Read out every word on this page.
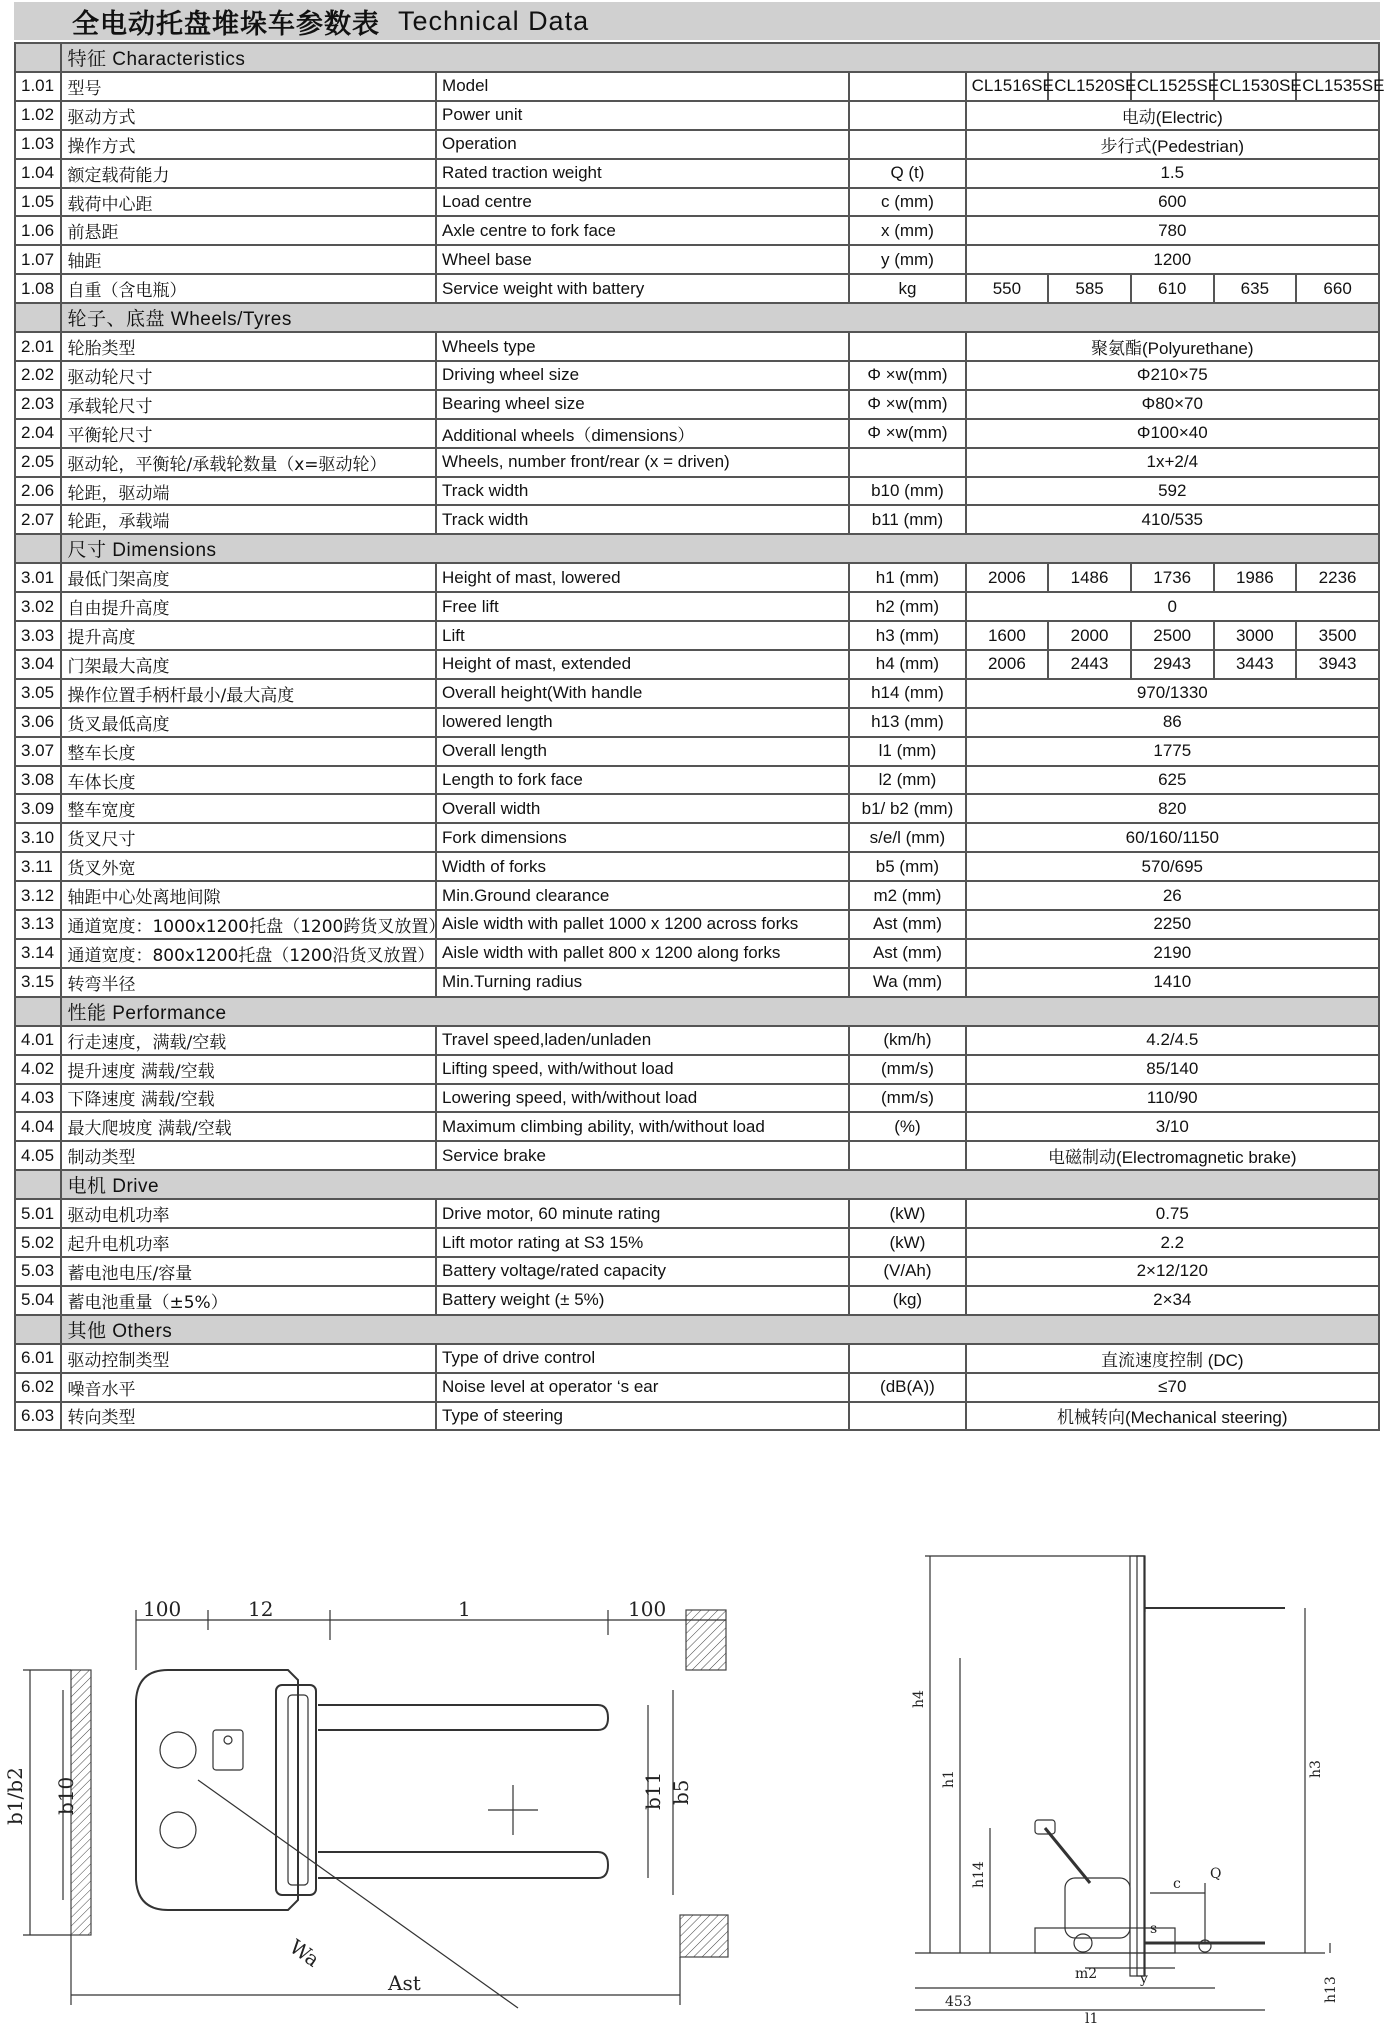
全电动托盘堆垛车参数表 Technical Data
	特征 Characteristics							
1.01	型号	Model		CL1516SE	CL1520SE	CL1525SE	CL1530SE	CL1535SE
1.02	驱动方式	Power unit		电动(Electric)				
1.03	操作方式	Operation		步行式(Pedestrian)				
1.04	额定载荷能力	Rated traction weight	Q (t)	1.5				
1.05	载荷中心距	Load centre	c (mm)	600				
1.06	前悬距	Axle centre to fork face	x (mm)	780				
1.07	轴距	Wheel base	y (mm)	1200				
1.08	自重（含电瓶）	Service weight with battery	kg	550	585	610	635	660
	轮子、底盘 Wheels/Tyres							
2.01	轮胎类型	Wheels type		聚氨酯(Polyurethane)				
2.02	驱动轮尺寸	Driving wheel size	Φ ×w(mm)	Φ210×75				
2.03	承载轮尺寸	Bearing wheel size	Φ ×w(mm)	Φ80×70				
2.04	平衡轮尺寸	Additional wheels（dimensions）	Φ ×w(mm)	Φ100×40				
2.05	驱动轮，平衡轮/承载轮数量（x=驱动轮）	Wheels, number front/rear (x = driven)		1x+2/4				
2.06	轮距，驱动端	Track width	b10 (mm)	592				
2.07	轮距，承载端	Track width	b11 (mm)	410/535				
	尺寸 Dimensions							
3.01	最低门架高度	Height of mast, lowered	h1 (mm)	2006	1486	1736	1986	2236
3.02	自由提升高度	Free lift	h2 (mm)	0				
3.03	提升高度	Lift	h3 (mm)	1600	2000	2500	3000	3500
3.04	门架最大高度	Height of mast, extended	h4 (mm)	2006	2443	2943	3443	3943
3.05	操作位置手柄杆最小/最大高度	Overall height(With handle	h14 (mm)	970/1330				
3.06	货叉最低高度	lowered length	h13 (mm)	86				
3.07	整车长度	Overall length	l1 (mm)	1775				
3.08	车体长度	Length to fork face	l2 (mm)	625				
3.09	整车宽度	Overall width	b1/ b2 (mm)	820				
3.10	货叉尺寸	Fork dimensions	s/e/l (mm)	60/160/1150				
3.11	货叉外宽	Width of forks	b5 (mm)	570/695				
3.12	轴距中心处离地间隙	Min.Ground clearance	m2 (mm)	26				
3.13	通道宽度：1000x1200托盘（1200跨货叉放置）	Aisle width with pallet 1000 x 1200 across forks	Ast (mm)	2250				
3.14	通道宽度：800x1200托盘（1200沿货叉放置）	Aisle width with pallet 800 x 1200 along forks	Ast (mm)	2190				
3.15	转弯半径	Min.Turning radius	Wa (mm)	1410				
	性能 Performance							
4.01	行走速度，满载/空载	Travel speed,laden/unladen	(km/h)	4.2/4.5				
4.02	提升速度 满载/空载	Lifting speed, with/without load	(mm/s)	85/140				
4.03	下降速度 满载/空载	Lowering speed, with/without load	(mm/s)	110/90				
4.04	最大爬坡度 满载/空载	Maximum climbing ability, with/without load	(%)	3/10				
4.05	制动类型	Service brake		电磁制动(Electromagnetic brake)				
	电机 Drive							
5.01	驱动电机功率	Drive motor, 60 minute rating	(kW)	0.75				
5.02	起升电机功率	Lift motor rating at S3 15%	(kW)	2.2				
5.03	蓄电池电压/容量	Battery voltage/rated capacity	(V/Ah)	2×12/120				
5.04	蓄电池重量（±5%）	Battery weight (± 5%)	(kg)	2×34				
	其他 Others							
6.01	驱动控制类型	Type of drive control		直流速度控制 (DC)				
6.02	噪音水平	Noise level at operator ‘s ear	(dB(A))	≤70				
6.03	转向类型	Type of steering		机械转向(Mechanical steering)				
100	12	1	100
b1/b2 b10	b11 b5
Wa
Ast
h4
h1
h14
h3
c
Q
s
m2	y	h13
453
l1
